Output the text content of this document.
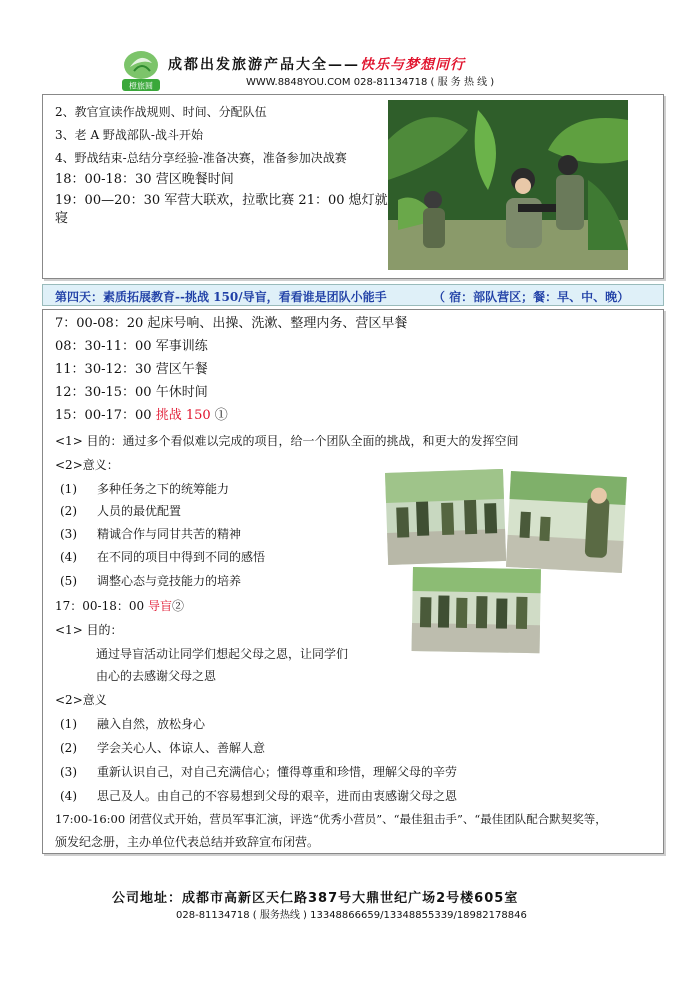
橙旅圆
成都出发旅游产品大全——快乐与梦想同行
WWW.8848YOU.COM 028-81134718 ( 服 务 热 线 )
2、教官宣读作战规则、时间、分配队伍
3、老 A 野战部队-战斗开始
4、野战结束-总结分享经验-准备决赛，准备参加决战赛
18：00-18：30 营区晚餐时间
19：00—20：30 军营大联欢，拉歌比赛 21：00 熄灯就
寝
第四天：素质拓展教育--挑战 150/导盲，看看谁是团队小能手	（ 宿：部队营区；餐：早、中、晚）
7：00-08：20 起床号响、出操、洗漱、整理内务、营区早餐
08：30-11：00 军事训练
11：30-12：30 营区午餐
12：30-15：00 午休时间
15：00-17：00 挑战 150 ①
<1> 目的：通过多个看似难以完成的项目，给一个团队全面的挑战，和更大的发挥空间
<2>意义：
(1) 多种任务之下的统筹能力
(2) 人员的最优配置
(3) 精诚合作与同甘共苦的精神
(4) 在不同的项目中得到不同的感悟
(5) 调整心态与竞技能力的培养
17：00-18：00 导盲②
<1> 目的：
通过导盲活动让同学们想起父母之恩，让同学们
由心的去感谢父母之恩
<2>意义
(1) 融入自然，放松身心
(2) 学会关心人、体谅人、善解人意
(3) 重新认识自己，对自己充满信心；懂得尊重和珍惜，理解父母的辛劳
(4) 思己及人。由自己的不容易想到父母的艰辛，进而由衷感谢父母之恩
17:00-16:00 闭营仪式开始，营员军事汇演，评选“优秀小营员”、“最佳狙击手”、“最佳团队配合默契奖等，
颁发纪念册，主办单位代表总结并致辞宣布闭营。
公司地址：成都市高新区天仁路387号大鼎世纪广场2号楼605室
028-81134718 ( 服务热线 ) 13348866659/13348855339/18982178846
